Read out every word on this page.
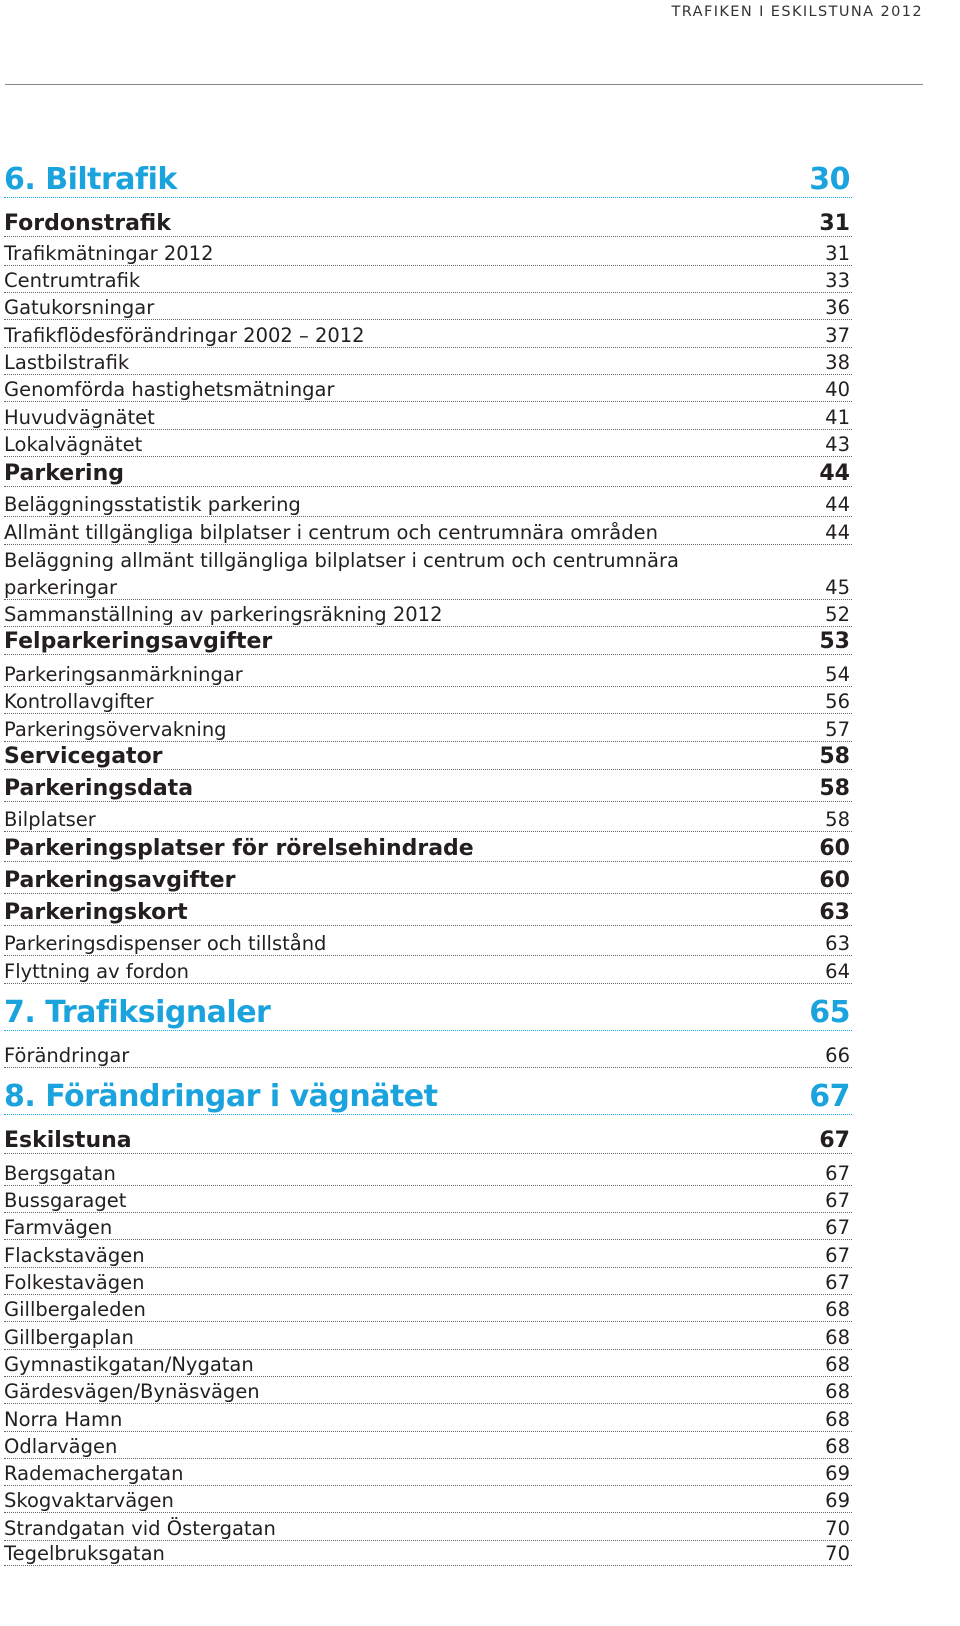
TRAFIKEN I ESKILSTUNA 2012
6. Biltrafik	30
Fordonstrafik	31
Trafikmätningar 2012	31
Centrumtrafik	33
Gatukorsningar	36
Trafikflödesförändringar 2002 – 2012	37
Lastbilstrafik	38
Genomförda hastighetsmätningar	40
Huvudvägnätet	41
Lokalvägnätet	43
Parkering	44
Beläggningsstatistik parkering	44
Allmänt tillgängliga bilplatser i centrum och centrumnära områden	44
Beläggning allmänt tillgängliga bilplatser i centrum och centrumnära
parkeringar	45
Sammanställning av parkeringsräkning 2012	52
Felparkeringsavgifter	53
Parkeringsanmärkningar	54
Kontrollavgifter	56
Parkeringsövervakning	57
Servicegator	58
Parkeringsdata	58
Bilplatser	58
Parkeringsplatser för rörelsehindrade	60
Parkeringsavgifter	60
Parkeringskort	63
Parkeringsdispenser och tillstånd	63
Flyttning av fordon	64
7. Trafiksignaler	65
Förändringar	66
8. Förändringar i vägnätet	67
Eskilstuna	67
Bergsgatan	67
Bussgaraget	67
Farmvägen	67
Flackstavägen	67
Folkestavägen	67
Gillbergaleden	68
Gillbergaplan	68
Gymnastikgatan/Nygatan	68
Gärdesvägen/Bynäsvägen	68
Norra Hamn	68
Odlarvägen	68
Rademachergatan	69
Skogvaktarvägen	69
Strandgatan vid Östergatan	70
Tegelbruksgatan	70
